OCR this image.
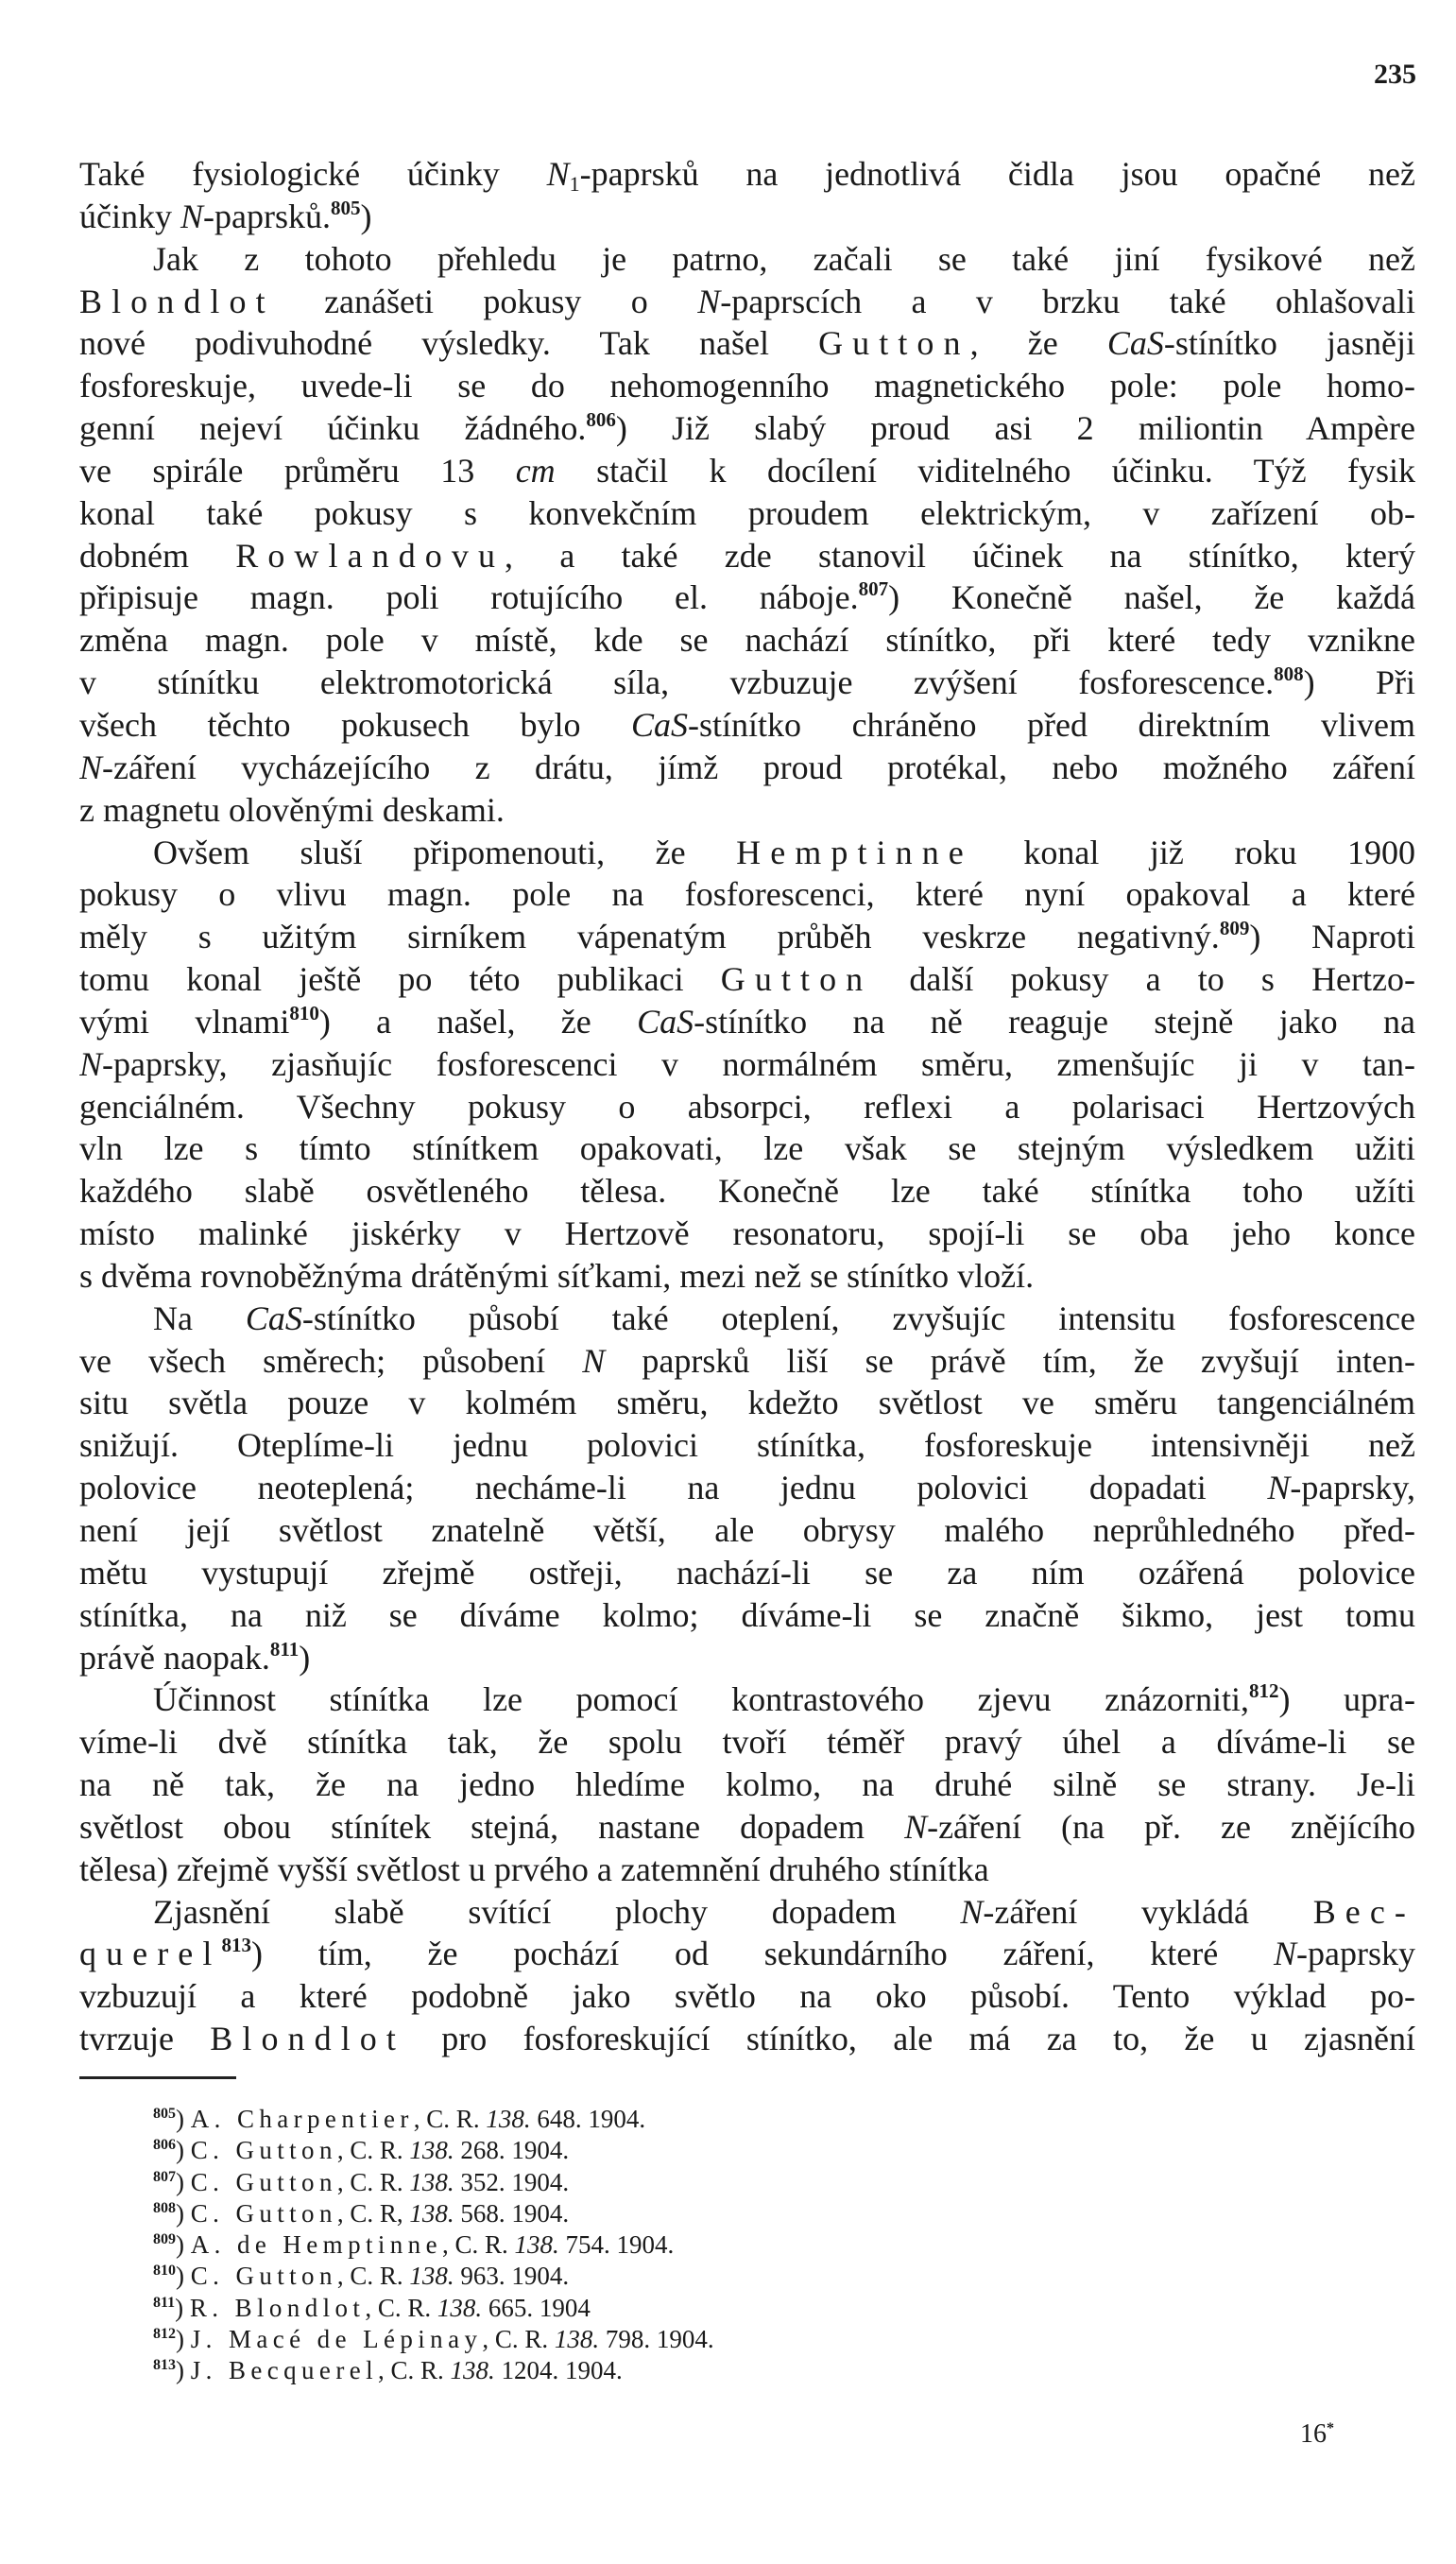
235
Také fysiologické účinky $N_1$-paprsků na jednotlivá čidla jsou opačné než
účinky N-paprsků.$^{805}$)
Jak z tohoto přehledu je patrno, začali se také jiní fysikové než
Blondlot zanášeti pokusy o N-paprscích a v brzku také ohlašovali
nové podivuhodné výsledky. Tak našel Gutton, že CaS-stínítko jasněji
fosforeskuje, uvede-li se do nehomogenního magnetického pole: pole homo-
genní nejeví účinku žádného.$^{806}$) Již slabý proud asi 2 miliontin Ampère
ve spirále průměru 13 cm stačil k docílení viditelného účinku. Týž fysik
konal také pokusy s konvekčním proudem elektrickým, v zařízení ob-
dobném Rowlandovu, a také zde stanovil účinek na stínítko, který
připisuje magn. poli rotujícího el. náboje.$^{807}$) Konečně našel, že každá
změna magn. pole v místě, kde se nachází stínítko, při které tedy vznikne
v stínítku elektromotorická síla, vzbuzuje zvýšení fosforescence.$^{808}$) Při
všech těchto pokusech bylo CaS-stínítko chráněno před direktním vlivem
N-záření vycházejícího z drátu, jímž proud protékal, nebo možného záření
z magnetu olověnými deskami.
Ovšem sluší připomenouti, že Hemptinne konal již roku 1900
pokusy o vlivu magn. pole na fosforescenci, které nyní opakoval a které
měly s užitým sirníkem vápenatým průběh veskrze negativný.$^{809}$) Naproti
tomu konal ještě po této publikaci Gutton další pokusy a to s Hertzo-
vými vlnami$^{810}$) a našel, že CaS-stínítko na ně reaguje stejně jako na
N-paprsky, zjasňujíc fosforescenci v normálném směru, zmenšujíc ji v tan-
genciálném. Všechny pokusy o absorpci, reflexi a polarisaci Hertzových
vln lze s tímto stínítkem opakovati, lze však se stejným výsledkem užiti
každého slabě osvětleného tělesa. Konečně lze také stínítka toho užíti
místo malinké jiskérky v Hertzově resonatoru, spojí-li se oba jeho konce
s dvěma rovnoběžnýma drátěnými síťkami, mezi než se stínítko vloží.
Na CaS-stínítko působí také oteplení, zvyšujíc intensitu fosforescence
ve všech směrech; působení N paprsků liší se právě tím, že zvyšují inten-
situ světla pouze v kolmém směru, kdežto světlost ve směru tangenciálném
snižují. Oteplíme-li jednu polovici stínítka, fosforeskuje intensivněji než
polovice neoteplená; necháme-li na jednu polovici dopadati N-paprsky,
není její světlost znatelně větší, ale obrysy malého neprůhledného před-
mětu vystupují zřejmě ostřeji, nachází-li se za ním ozářená polovice
stínítka, na niž se díváme kolmo; díváme-li se značně šikmo, jest tomu
právě naopak.$^{811}$)
Účinnost stínítka lze pomocí kontrastového zjevu znázorniti,$^{812}$) upra-
víme-li dvě stínítka tak, že spolu tvoří téměř pravý úhel a díváme-li se
na ně tak, že na jedno hledíme kolmo, na druhé silně se strany. Je-li
světlost obou stínítek stejná, nastane dopadem N-záření (na př. ze znějícího
tělesa) zřejmě vyšší světlost u prvého a zatemnění druhého stínítka
Zjasnění slabě svítící plochy dopadem N-záření vykládá Bec-
querel$^{813}$) tím, že pochází od sekundárního záření, které N-paprsky
vzbuzují a které podobně jako světlo na oko působí. Tento výklad po-
tvrzuje Blondlot pro fosforeskující stínítko, ale má za to, že u zjasnění
$^{805}$) A. Charpentier, C. R. 138. 648. 1904.
$^{806}$) C. Gutton, C. R. 138. 268. 1904.
$^{807}$) C. Gutton, C. R. 138. 352. 1904.
$^{808}$) C. Gutton, C. R, 138. 568. 1904.
$^{809}$) A. de Hemptinne, C. R. 138. 754. 1904.
$^{810}$) C. Gutton, C. R. 138. 963. 1904.
$^{811}$) R. Blondlot, C. R. 138. 665. 1904
$^{812}$) J. Macé de Lépinay, C. R. 138. 798. 1904.
$^{813}$) J. Becquerel, C. R. 138. 1204. 1904.
16*
